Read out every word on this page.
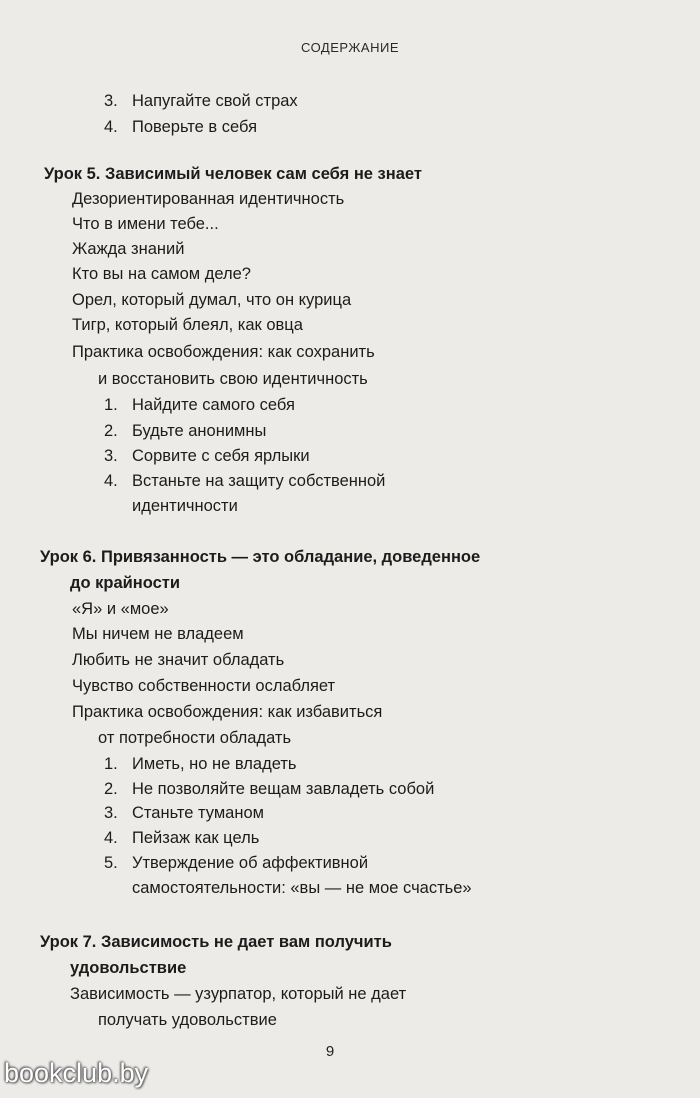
СОДЕРЖАНИЕ
3. Напугайте свой страх
4. Поверьте в себя
Урок 5. Зависимый человек сам себя не знает
Дезориентированная идентичность
Что в имени тебе...
Жажда знаний
Кто вы на самом деле?
Орел, который думал, что он курица
Тигр, который блеял, как овца
Практика освобождения: как сохранить
и восстановить свою идентичность
1. Найдите самого себя
2. Будьте анонимны
3. Сорвите с себя ярлыки
4. Встаньте на защиту собственной
идентичности
Урок 6. Привязанность — это обладание, доведенное
до крайности
«Я» и «мое»
Мы ничем не владеем
Любить не значит обладать
Чувство собственности ослабляет
Практика освобождения: как избавиться
от потребности обладать
1. Иметь, но не владеть
2. Не позволяйте вещам завладеть собой
3. Станьте туманом
4. Пейзаж как цель
5. Утверждение об аффективной
самостоятельности: «вы — не мое счастье»
Урок 7. Зависимость не дает вам получить
удовольствие
Зависимость — узурпатор, который не дает
получать удовольствие
9
bookclub.by
